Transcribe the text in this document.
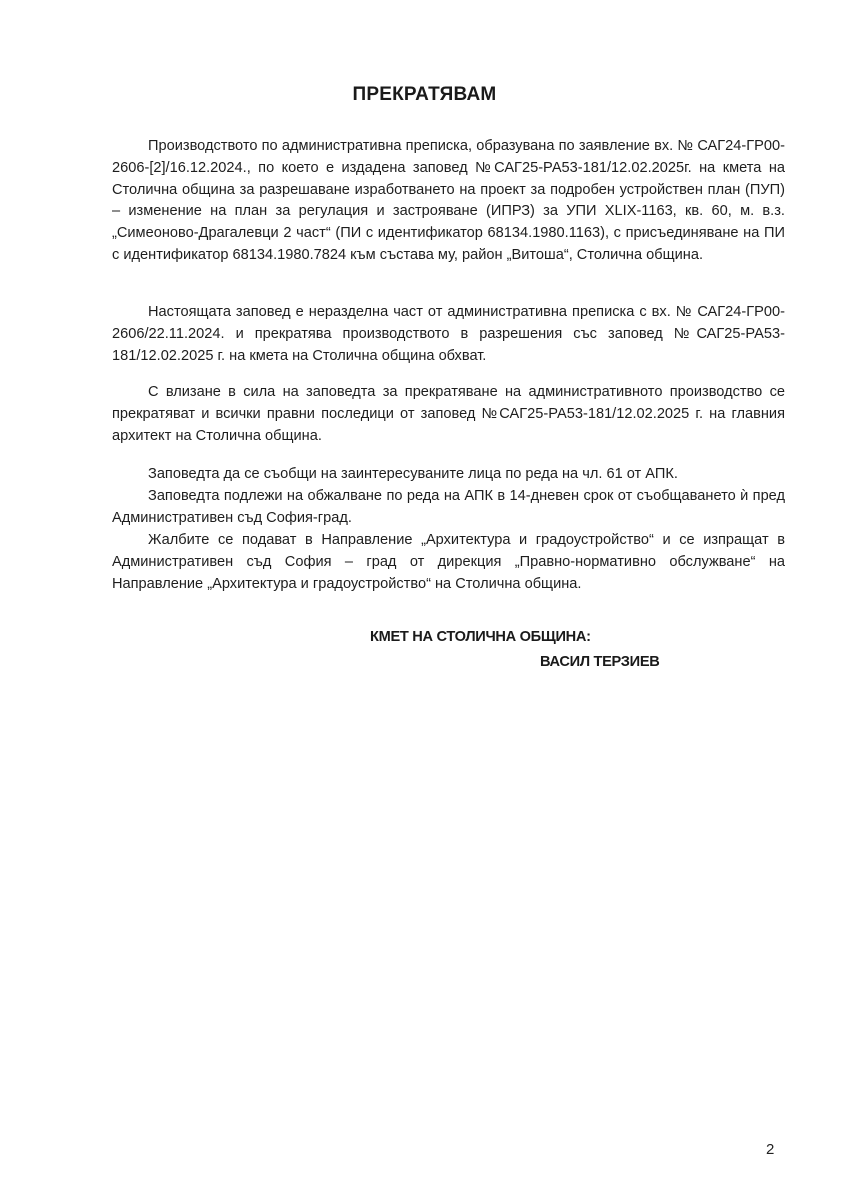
ПРЕКРАТЯВАМ

Производството по административна преписка, образувана по заявление вх. № САГ24-ГР00-2606-[2]/16.12.2024., по което е издадена заповед №САГ25-РА53-181/12.02.2025г. на кмета на Столична община за разрешаване изработването на проект за подробен устройствен план (ПУП) – изменение на план за регулация и застрояване (ИПРЗ) за УПИ XLIX-1163, кв. 60, м. в.з. „Симеоново-Драгалевци 2 част“ (ПИ с идентификатор 68134.1980.1163), с присъединяване на ПИ с идентификатор 68134.1980.7824 към състава му, район „Витоша“, Столична община.

Настоящата заповед е неразделна част от административна преписка с вх. № САГ24-ГР00-2606/22.11.2024. и прекратява производството в разрешения със заповед №САГ25-РА53-181/12.02.2025 г. на кмета на Столична община обхват.

С влизане в сила на заповедта за прекратяване на административното производство се прекратяват и всички правни последици от заповед №САГ25-РА53-181/12.02.2025 г. на главния архитект на Столична община.

Заповедта да се съобщи на заинтересуваните лица по реда на чл. 61 от АПК.

Заповедта подлежи на обжалване по реда на АПК в 14-дневен срок от съобщаването ѝ пред Административен съд София-град.

Жалбите се подават в Направление „Архитектура и градоустройство“ и се изпращат в Административен съд София – град от дирекция „Правно-нормативно обслужване“ на Направление „Архитектура и градоустройство“ на Столична община.

КМЕТ НА СТОЛИЧНА ОБЩИНА:
ВАСИЛ ТЕРЗИЕВ
2
